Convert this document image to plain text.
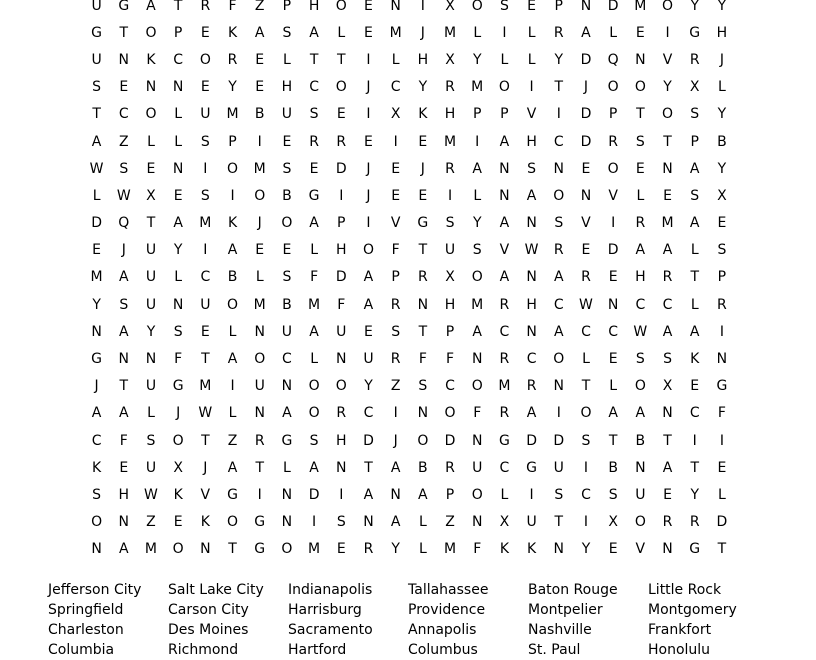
U	G	A	T	R	F	Z	P	H	O	E	N	I	X	O	S	E	P	N	D	M	O	Y	Y
G	T	O	P	E	K	A	S	A	L	E	M	J	M	L	I	L	R	A	L	E	I	G	H
U	N	K	C	O	R	E	L	T	T	I	L	H	X	Y	L	L	Y	D	Q	N	V	R	J
S	E	N	N	E	Y	E	H	C	O	J	C	Y	R	M	O	I	T	J	O	O	Y	X	L
T	C	O	L	U	M	B	U	S	E	I	X	K	H	P	P	V	I	D	P	T	O	S	Y
A	Z	L	L	S	P	I	E	R	R	E	I	E	M	I	A	H	C	D	R	S	T	P	B
W	S	E	N	I	O	M	S	E	D	J	E	J	R	A	N	S	N	E	O	E	N	A	Y
L	W	X	E	S	I	O	B	G	I	J	E	E	I	L	N	A	O	N	V	L	E	S	X
D	Q	T	A	M	K	J	O	A	P	I	V	G	S	Y	A	N	S	V	I	R	M	A	E
E	J	U	Y	I	A	E	E	L	H	O	F	T	U	S	V	W	R	E	D	A	A	L	S
M	A	U	L	C	B	L	S	F	D	A	P	R	X	O	A	N	A	R	E	H	R	T	P
Y	S	U	N	U	O	M	B	M	F	A	R	N	H	M	R	H	C	W	N	C	C	L	R
N	A	Y	S	E	L	N	U	A	U	E	S	T	P	A	C	N	A	C	C	W	A	A	I
G	N	N	F	T	A	O	C	L	N	U	R	F	F	N	R	C	O	L	E	S	S	K	N
J	T	U	G	M	I	U	N	O	O	Y	Z	S	C	O	M	R	N	T	L	O	X	E	G
A	A	L	J	W	L	N	A	O	R	C	I	N	O	F	R	A	I	O	A	A	N	C	F
C	F	S	O	T	Z	R	G	S	H	D	J	O	D	N	G	D	D	S	T	B	T	I	I
K	E	U	X	J	A	T	L	A	N	T	A	B	R	U	C	G	U	I	B	N	A	T	E
S	H	W	K	V	G	I	N	D	I	A	N	A	P	O	L	I	S	C	S	U	E	Y	L
O	N	Z	E	K	O	G	N	I	S	N	A	L	Z	N	X	U	T	I	X	O	R	R	D
N	A	M	O	N	T	G	O	M	E	R	Y	L	M	F	K	K	N	Y	E	V	N	G	T
Jefferson City	Salt Lake City	Indianapolis	Tallahassee	Baton Rouge	Little Rock
Springfield	Carson City	Harrisburg	Providence	Montpelier	Montgomery
Charleston	Des Moines	Sacramento	Annapolis	Nashville	Frankfort
Columbia	Richmond	Hartford	Columbus	St. Paul	Honolulu
